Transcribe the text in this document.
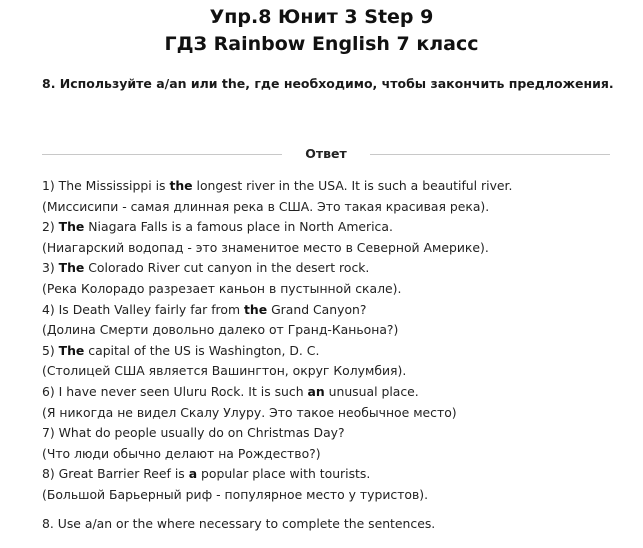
Упр.8 Юнит 3 Step 9
ГДЗ Rainbow English 7 класс
8. Используйте a/an или the, где необходимо, чтобы закончить предложения.
Ответ
1) The Mississippi is the longest river in the USA. It is such a beautiful river.
(Миссисипи - самая длинная река в США. Это такая красивая река).
2) The Niagara Falls is a famous place in North America.
(Ниагарский водопад - это знаменитое место в Северной Америке).
3) The Colorado River cut canyon in the desert rock.
(Река Колорадо разрезает каньон в пустынной скале).
4) Is Death Valley fairly far from the Grand Canyon?
(Долина Смерти довольно далеко от Гранд-Каньона?)
5) The capital of the US is Washington, D. C.
(Столицей США является Вашингтон, округ Колумбия).
6) I have never seen Uluru Rock. It is such an unusual place.
(Я никогда не видел Скалу Улуру. Это такое необычное место)
7) What do people usually do on Christmas Day?
(Что люди обычно делают на Рождество?)
8) Great Barrier Reef is a popular place with tourists.
(Большой Барьерный риф - популярное место у туристов).
8. Use a/an or the where necessary to complete the sentences.
